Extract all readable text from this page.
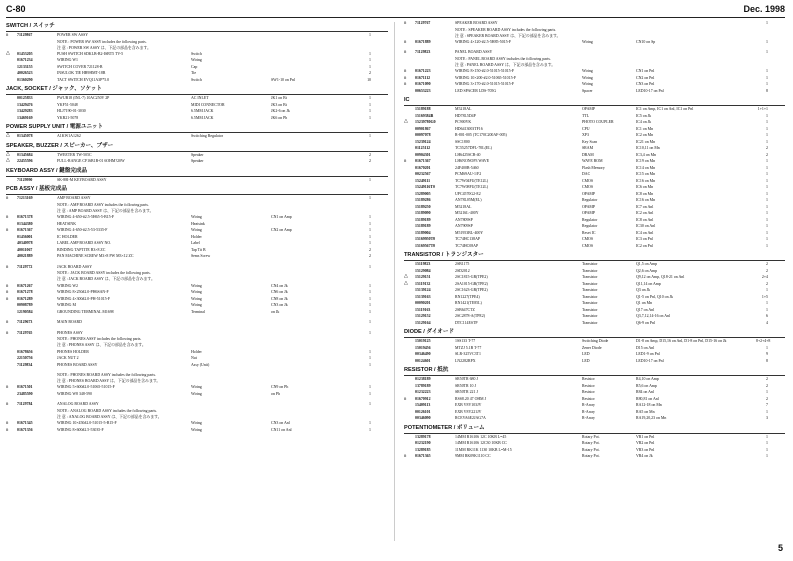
C-80	Dec. 1998
SWITCH / スイッチ
#	71129867	POWER SW ASSY	1
NOTE : POWER SW ASSY includes the following parts.
注 意 : POWER SW ASSY は、下記の部品を含みます。
△	01453205	PUSH SWITCH SDKLB-B2-ISBT5 TV-5	Switch	1
01671234	WIRING W1	Wiring	1
12133155	SWITCH COVER 721128-B	Cap	1
40026523	INSULOK TIE HB9HMT-18R	Tie	2
01360290	TACT SWITCH EVQ11A3P*5.0	Switch	SW1-10 on Pnl	10
JACK, SOCKET / ジャック、ソケット
00125833	PWUB18 (INL-7) 10AC250V 2P	AC INLET	JK1 on Bt	1
13429476	YKF51-5048	MIDI CONNECTOR	JK3 on Bt	1
13429283	HLJ7190-01-3030	6.5MM JACK	JK2-6 on Jk	1
13469169	YKB21-5078	6.5MM JACK	JK6 on Ph	1
POWER SUPPLY UNIT / 電源ユニット
△	01345078	A1KW1A1262	Switching Regulator	1
SPEAKER, BUZZER / スピーカー、ブザー
△	01345684	TWEETER TW-505C	Speaker	2
△	22455596	FULL-RANGE CF16B1B-01 6OHM?20W	Speaker	2
KEYBOARD ASSY / 鍵盤完成品
71129990	SK-88I-M KEYBOARD ASSY	1
PCB ASSY / 基板完成品
#	71213169	AMP BOARD ASSY	1
NOTE : AMP BOARD ASSY includes the following parts.
注 意 : AMP BOARD ASSY は、下記の部品を含みます。
#	01671378	WIRING 4-650-#2.5-5H65-5-B15-F	Wiring	CN1 on Amp	1
01344380	HEATSINK	Heatsink	1
#	01671367	WIRING 4-650-#2.5-53-5335-F	Wiring	CN2 on Amp	1
01456001	IC HOLDER	Holder	1
40340978	LABEL AMP BOARD ASSY NO.	Label	1
40011067	BINDING TAPTITE B3×8 ZC	Tap Tit B	2
40021889	PAN MACHINE SCREW M3×8 PW M3×12 ZC	Sems Screw	2
#	71129772	JACK BOARD ASSY	1
NOTE : JACK BOARD ASSY includes the following parts.
注 意 : JACK BOARD ASSY は、下記の部品を含みます。
#	01671267	WIRING W2	Wiring	CN4 on Jk	1
#	01671278	WIRING 8×250#2.0-PH6SAN-F	Wiring	CN6 on Jk	1
#	01671289	WIRING 4×300#2.0-PH-51015-F	Wiring	CN8 on Jk	1
00908789	WIRING M	Wiring	CN3 on Jk	1
12190584	GROUNDING TERMINAL M1698	Terminal	on Jk	1
#	71129673	MAIN BOARD	1
#	71129765	PHONES ASSY	1
NOTE : PHONES ASSY includes the following parts.
注 意 : PHONES ASSY は、下記の部品を含みます。
01678656	PHONES HOLDER	Holder	1
22150756	JACK NUT 2	Nut	1
71129834	PHONES BOARD ASSY	Assy (Unit)	1
NOTE : PHONES BOARD ASSY includes the following parts.
注 意 : PHONES BOARD ASSY は、下記の部品を含みます。
#	01671501	WIRING 5×600#2.0-51065-51015-F	Wiring	CN9 on Ph	1
23485590	WIRING W8 348-590	Wiring	on Ph	1
#	71129784	ANALOG BOARD ASSY	1
NOTE : ANALOG BOARD ASSY includes the following parts.
注 意 : ANALOG BOARD ASSY は、下記の部品を含みます。
#	01671345	WIRING 10×450#2.0-51015-5-B15-F	Wiring	CN3 on Anl	1
#	01671356	WIRING 8×600#2.5-53035-F	Wiring	CN11 on Anl	1
#	71129767	SPEAKER BOARD ASSY	1
NOTE : SPEAKER BOARD ASSY includes the following parts.
注 意 : SPEAKER BOARD ASSY は、下記の部品を含みます。
#	01671889	WIRING 4×120-#2.5-5H85-5015-F	Wiring	CN10 on Sp	1
#	71129823	PANEL BOARD ASSY	1
NOTE : PANEL BOARD ASSY includes the following parts.
注 意 : PANEL BOARD ASSY は、下記の部品を含みます。
#	01671223	WIRING 8×150-#2.0-51015-51015-F	Wiring	CN1 on Pnl	1
#	01671112	WIRING 10×200-#2.0-51065-51015-F	Wiring	CN2 on Pnl	1
#	01671090	WIRING 3×170-#2.0-51015-51015-F	Wiring	CN3 on Pnl	1
00653223	LED SPACER LDS-705G	Spacer	LED10-17 on Pnl	8
IC
15189188	M5218AL	OPAMP	IC1 on Amp, IC1 on Anl, IC1 on Pnl	1+1+1
15169384B	HD78L5D4P	TTL	IC5 on Jk	1
△	15239780G0	PC900VK	PHOTO COUPLER	IC4 on Jk	1
00901867	HD6413003TF16	CPU	IC1 on Mn	1
00097078	R-801-005 (TC170C200AF-005)	XP3	IC2 on Mn	1
15239124	SSC1800	Key Scan	IC21 on Mn	1
01125112	TC55257DFL-70L(EL)	SRAM	IC10,11 on Mn	2
00904301	LH6425SCB-40	DRAM	IC3,4 on Mn	2
#	01671367	LH6NONOP3 WAVE	WAVE ROM	IC19 on Mn	1
01670201	24F400B-5460	Flash Memory	IC14 on Mn	1
00232567	PCM69AU-1/F2	DAC	IC15 on Mn	1
15249111	TC7W04FU(TE12L)	CMOS	IC16 on Mn	1
15249116T0	TC7W08FU(TE12L)	CMOS	IC6 on Mn	1
15289005	UPC4570G2-E2	OPAMP	IC8 on Mn	1
15189286	AN78L05M(EL)	Regulator	IC16 on Mn	1
15189250	M5218AL	OPAMP	IC7 on Anl	1
15189090	M5216L-400Y	OPAMP	IC2 on Anl	1
15189189	AN7809SP	Regulator	IC8 on Anl	1
15189189	AN7909SP	Regulator	IC30 on Anl	1
15189004	M51953BL-400Y	Reset IC	IC4 on Anl	1
15169950T0	TC74HC138AP	CMOS	IC3 on Pnl	1
15169567T0	TC74HC08AP	CMOS	IC2 on Pnl	1
TRANSISTOR / トランジスター
15119823	2SB1175	Transistor	Q1,5 on Amp	2
15129084	2SD2012	Transistor	Q2,6 on Amp	2
△	15129151	2SC1815-GR(TPE2)	Transistor	Q9,12 on Amp, Q18-21 on Anl	2+4
△	15119132	2SA1015-GR(TPE2)	Transistor	Q11,14 on Amp	2
15139124	2SC1623-GR(TPE2)	Transistor	Q3 on Jk	1
15139163	RN1227(TPE4)	Transistor	Q1-5 on Pnl, Q10 on Jk	1+5
00090201	RN1421(TE85L)	Transistor	Q1 on Mn	1
15119163	2SB647CTZ	Transistor	Q17 on Anl	1
15129152	2SC2878-A(TPE2)	Transistor	Q3,7,12,14-16 on Anl	6
15129164	DTC114ESTP	Transistor	Q6-9 on Pnl	4
DIODE / ダイオード
15019125	1SS133 T-77	Switching Diode	D1-8 on Amp, D15,16 on Anl, D1-8 on Pnl, D15-16 on Jk	8+2+4+8
15019456	MTZJ 5.1B T-77	Zener Diode	D15 on Anl	1
00346490	SLR-325VC3T1	LED	LED1-9 on Pnl	9
00124601	LN2282RPX	LED	LED10-17 on Pnl	8
RESISTOR / 抵抗
01238189	SR50TR 680 J	Resistor	R4,10 on Amp	2
13789189	SR50TR 10 J	Resistor	R5,6 on Amp	2
01232223	SR50TR 221 J	Resistor	R84 on Anl	1
#	01670912	RSS8.20 47 OHM J	Resistor	R80,81 on Anl	2
15409113	EXB V8V103JV	R-Array	RA12-18 on Mn	7
00126101	EXB V8V221JV	R-Array	RA5 on Mn	1
00346090	RCEVA6E2JAG7A	R-Array	RA19,20,23 on Mn	3
POTENTIOMETER / ボリューム
13289178	14MM R16106 12C 10KB L=45	Rotary Pot.	VR1 on Pnl	1
01232190	14MM R16106 12C30 10KB CC	Rotary Pot.	VR2 on Pnl	1
13289185	11MM RK11K 1130 10KB L=M-15	Rotary Pot.	VR3 on Pnl	1
#	01671365	9MM RK09K1110 CC	Rotary Pot.	VR4 on Jk	1
5
